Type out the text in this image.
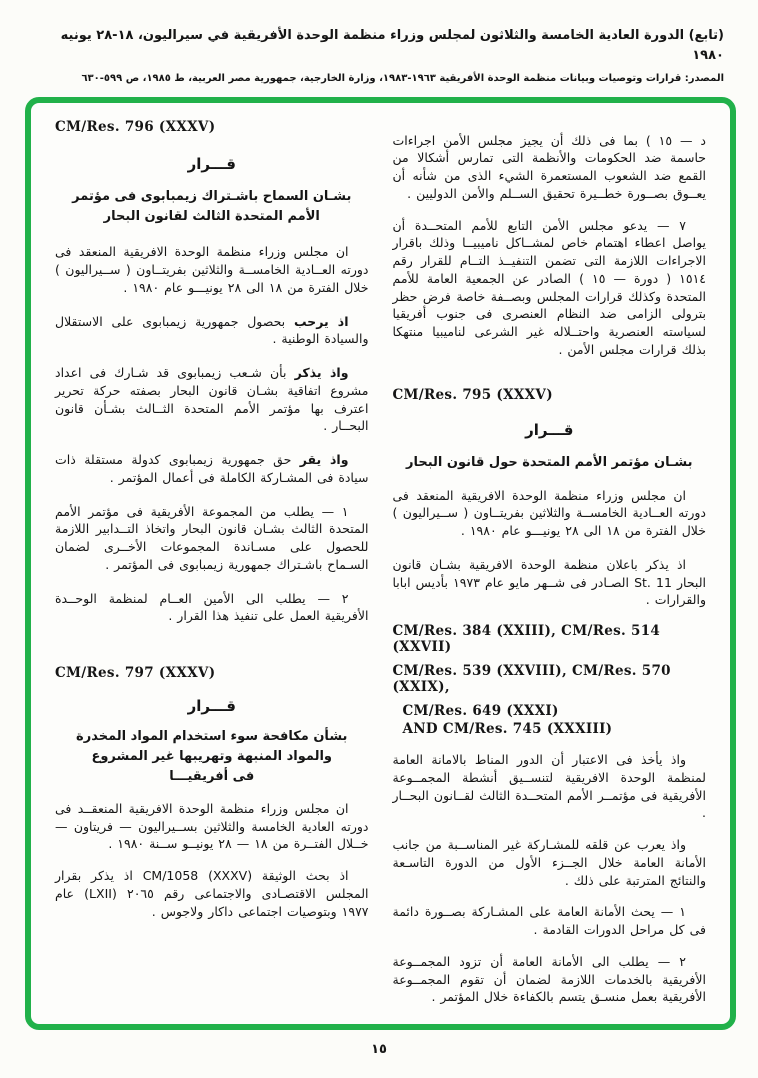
(تابع) الدورة العادية الخامسة والثلاثون لمجلس وزراء منظمة الوحدة الأفريقية في سيراليون، ١٨-٢٨ يونيه ١٩٨٠
المصدر: قرارات وتوصيات وبيانات منظمة الوحدة الأفريقية ١٩٦٣-١٩٨٣، وزارة الخارجية، جمهورية مصر العربية، ط ١٩٨٥، ص ٥٩٩-٦٣٠
CM/Res. 796 (XXXV)
قـــرار
بشـان السماح باشـتراك زيمبابوى فى مؤتمر
الأمم المتحدة الثالث لقانون البحار

ان مجلس وزراء منظمة الوحدة الافريقية المنعقد فى دورته العــادية الخامســة والثلاثين بفريتــاون ( ســيراليون ) خلال الفترة من ١٨ الى ٢٨ يونيـــو عام ١٩٨٠ .

اذ يرحب بحصول جمهورية زيمبابوى على الاستقلال والسيادة الوطنية .

واذ يذكر بأن شـعب زيمبابوى قد شـارك فى اعداد مشروع اتفاقية بشـان قانون البحار بصفته حركة تحرير اعترف بها مؤتمر الأمم المتحدة الثــالث بشـأن قانون البحــار .

واذ يقر حق جمهورية زيمبابوى كدولة مستقلة ذات سيادة فى المشـاركة الكاملة فى أعمال المؤتمر .

١ — يطلب من المجموعة الأفريقية فى مؤتمر الأمم المتحدة الثالث بشـان قانون البحار واتخاذ التــدابير اللازمة للحصول على مسـاندة المجموعات الأخــرى لضمان السـماح باشـتراك جمهورية زيمبابوى فى المؤتمر .

٢ — يطلب الى الأمين العــام لمنظمة الوحــدة الأفريقية العمل على تنفيذ هذا القرار .

CM/Res. 797 (XXXV)
قـــرار
بشأن مكافحة سوء استخدام المواد المخدرة
والمواد المنبهة وتهريبها غير المشروع
فى أفريقيـــا

ان مجلس وزراء منظمة الوحدة الافريقية المنعقــد فى دورته العادية الخامسة والثلاثين بســيراليون — فريتاون — خــلال الفتــرة من ١٨ — ٢٨ يونيــو ســنة ١٩٨٠ .

اذ بحث الوثيقة CM/1058 (XXXV) اذ يذكر بقرار المجلس الاقتصـادى والاجتماعى رقم ٢٠٦٥ (LXII) عام ١٩٧٧ وبتوصيات اجتماعى داكار ولاجوس .

د — ١٥ ) بما فى ذلك أن يجيز مجلس الأمن اجراءات حاسمة ضد الحكومات والأنظمة التى تمارس أشكالا من القمع ضد الشعوب المستعمرة الشيء الذى من شأنه أن يعــوق بصــورة خطــيرة تحقيق الســلم والأمن الدوليين .

٧ — يدعو مجلس الأمن التابع للأمم المتحــدة أن يواصل اعطاء اهتمام خاص لمشــاكل ناميبيــا وذلك باقرار الاجراءات اللازمة التى تضمن التنفيــذ التــام للقرار رقم ١٥١٤ ( دورة — ١٥ ) الصادر عن الجمعية العامة للأمم المتحدة وكذلك قرارات المجلس وبصــفة خاصة فرض حظر بترولى الزامى ضد النظام العنصرى فى جنوب أفريقيا لسياسته العنصرية واحتــلاله غير الشرعى لناميبيا منتهكا بذلك قرارات مجلس الأمن .

CM/Res. 795 (XXXV)
قـــرار
بشـان مؤتمر الأمم المتحدة حول قانون البحار

ان مجلس وزراء منظمة الوحدة الافريقية المنعقد فى دورته العــادية الخامســة والثلاثين بفريتــاون ( ســيراليون ) خلال الفترة من ١٨ الى ٢٨ يونيـــو عام ١٩٨٠ .

اذ يذكر باعلان منظمة الوحدة الافريقية بشـان قانون البحار St. 11 الصـادر فى شــهر مايو عام ١٩٧٣ بأديس ابابا والقرارات .

CM/Res. 384 (XXIII), CM/Res. 514 (XXVII)
CM/Res. 539 (XXVIII), CM/Res. 570 (XXIX),
CM/Res. 649 (XXXI)
AND CM/Res. 745 (XXXIII)

واذ يأخذ فى الاعتبار أن الدور المناط بالامانة العامة لمنظمة الوحدة الافريقية لتنســيق أنشطة المجمــوعة الأفريقية فى مؤتمــر الأمم المتحــدة الثالث لقــانون البحــار .

واذ يعرب عن قلقه للمشـاركة غير المناســبة من جانب الأمانة العامة خلال الجــزء الأول من الدورة التاسـعة والنتائج المترتبة على ذلك .

١ — يحث الأمانة العامة على المشـاركة بصــورة دائمة فى كل مراحل الدورات القادمة .

٢ — يطلب الى الأمانة العامة أن تزود المجمــوعة الأفريقية بالخدمات اللازمة لضمان أن تقوم المجمــوعة الأفريقية بعمل منسـق يتسم بالكفاءة خلال المؤتمر .

١٥
